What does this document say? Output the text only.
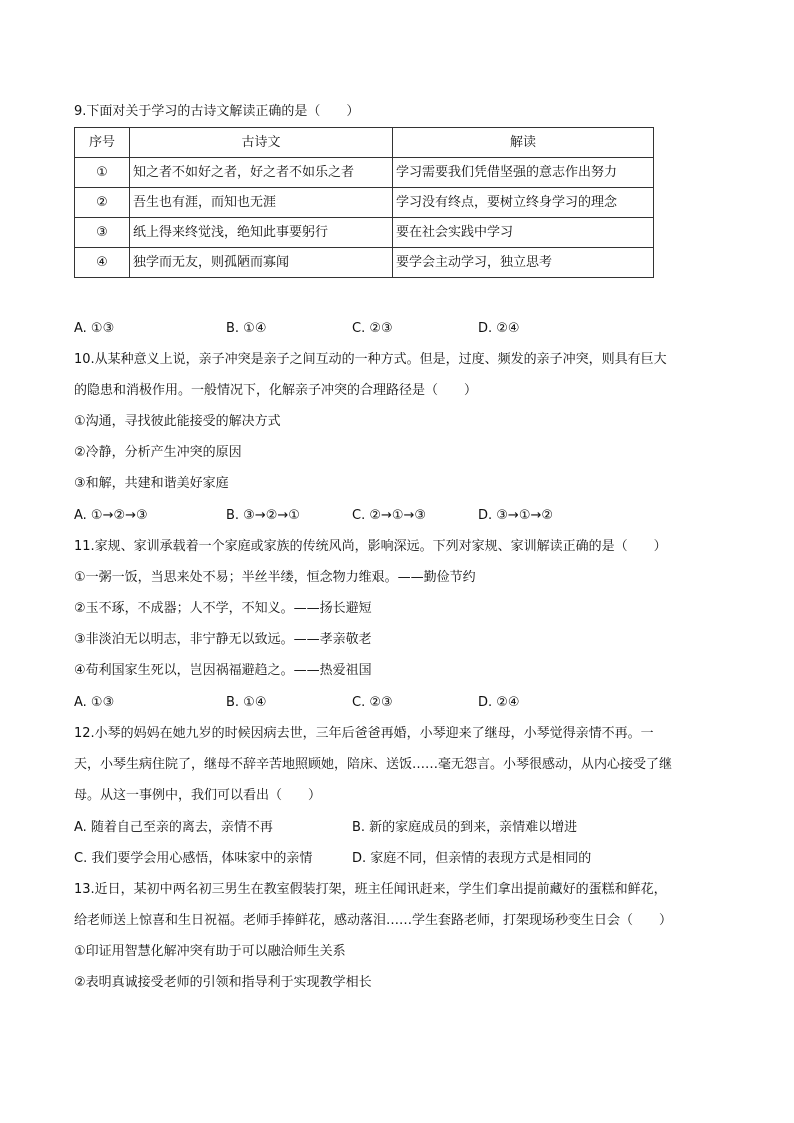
9.下面对关于学习的古诗文解读正确的是（　　）
序号	古诗文	解读
①	知之者不如好之者，好之者不如乐之者	学习需要我们凭借坚强的意志作出努力
②	吾生也有涯，而知也无涯	学习没有终点，要树立终身学习的理念
③	纸上得来终觉浅，绝知此事要躬行	要在社会实践中学习
④	独学而无友，则孤陋而寡闻	要学会主动学习，独立思考
A. ①③	B. ①④	C. ②③	D. ②④
10.从某种意义上说，亲子冲突是亲子之间互动的一种方式。但是，过度、频发的亲子冲突，则具有巨大
的隐患和消极作用。一般情况下，化解亲子冲突的合理路径是（　　）
①沟通，寻找彼此能接受的解决方式
②冷静，分析产生冲突的原因
③和解，共建和谐美好家庭
A. ①→②→③	B. ③→②→①	C. ②→①→③	D. ③→①→②
11.家规、家训承载着一个家庭或家族的传统风尚，影响深远。下列对家规、家训解读正确的是（　　）
①一粥一饭，当思来处不易；半丝半缕，恒念物力维艰。——勤俭节约
②玉不琢，不成器；人不学，不知义。——扬长避短
③非淡泊无以明志，非宁静无以致远。——孝亲敬老
④苟利国家生死以，岂因祸福避趋之。——热爱祖国
A. ①③	B. ①④	C. ②③	D. ②④
12.小琴的妈妈在她九岁的时候因病去世，三年后爸爸再婚，小琴迎来了继母，小琴觉得亲情不再。一
天，小琴生病住院了，继母不辞辛苦地照顾她，陪床、送饭……毫无怨言。小琴很感动，从内心接受了继
母。从这一事例中，我们可以看出（　　）
A. 随着自己至亲的离去，亲情不再	B. 新的家庭成员的到来，亲情难以增进
C. 我们要学会用心感悟，体味家中的亲情	D. 家庭不同，但亲情的表现方式是相同的
13.近日，某初中两名初三男生在教室假装打架，班主任闻讯赶来，学生们拿出提前藏好的蛋糕和鲜花，
给老师送上惊喜和生日祝福。老师手捧鲜花，感动落泪……学生套路老师，打架现场秒变生日会（　　）
①印证用智慧化解冲突有助于可以融洽师生关系
②表明真诚接受老师的引领和指导利于实现教学相长
